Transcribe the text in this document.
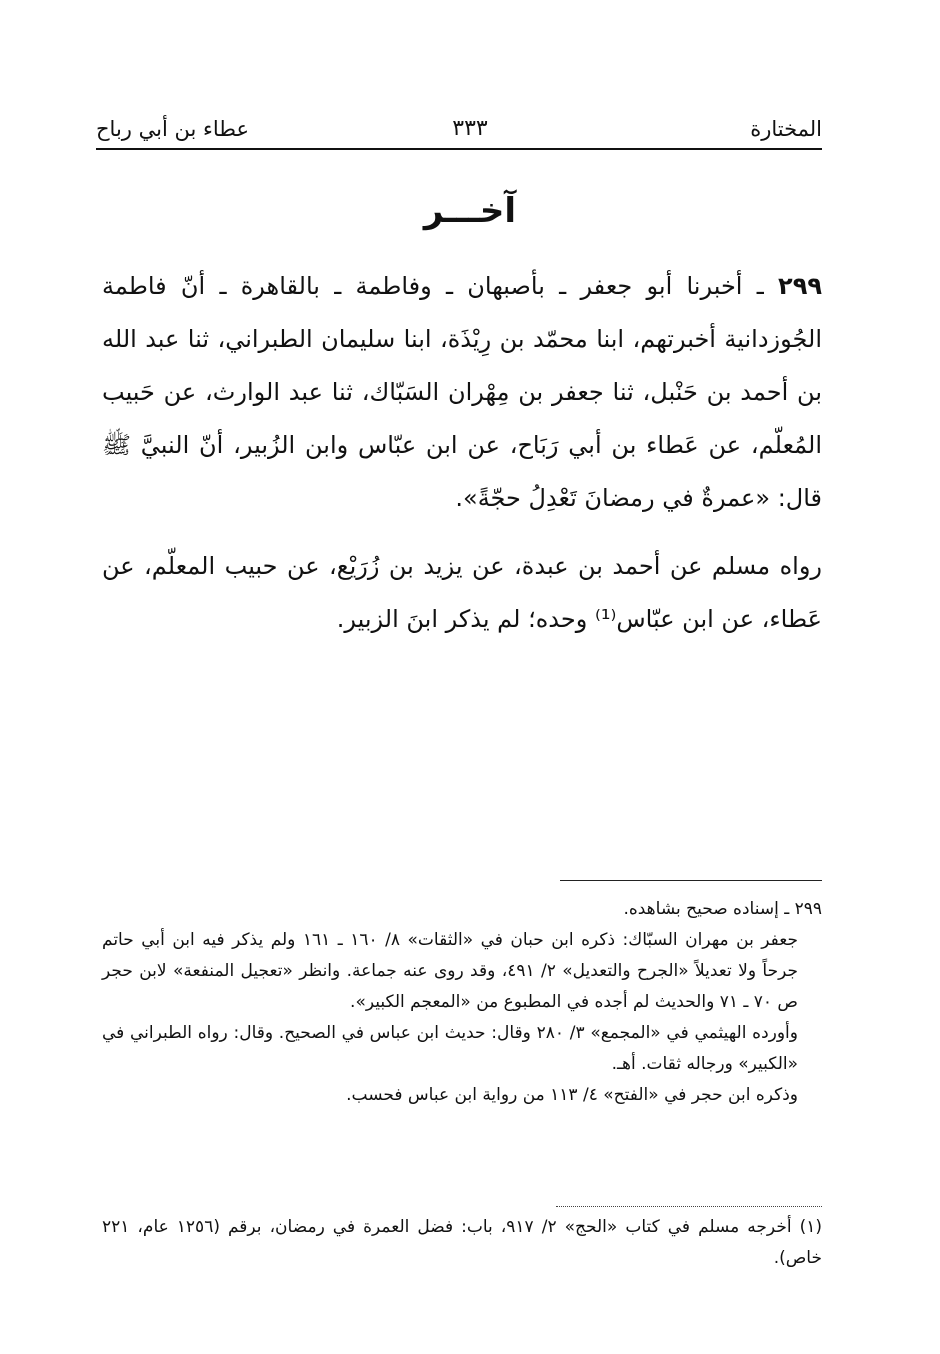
المختارة
٣٣٣
عطاء بن أبي رباح
آخـــر
٢٩٩ ـ أخبرنا أبو جعفر ـ بأصبهان ـ وفاطمة ـ بالقاهرة ـ أنّ فاطمة الجُوزدانية أخبرتهم، ابنا محمّد بن رِيْذَة، ابنا سليمان الطبراني، ثنا عبد الله بن أحمد بن حَنْبل، ثنا جعفر بن مِهْران السَبّاك، ثنا عبد الوارث، عن حَبيب المُعلّم، عن عَطاء بن أبي رَبَاح، عن ابن عبّاس وابن الزُبير، أنّ النبيَّ ﷺ قال: «عمرةٌ في رمضانَ تَعْدِلُ حجّةً».
رواه مسلم عن أحمد بن عبدة، عن يزيد بن زُرَيْع، عن حبيب المعلّم، عن عَطاء، عن ابن عبّاس⁽¹⁾ وحده؛ لم يذكر ابنَ الزبير.

٢٩٩ ـ إسناده صحيح بشاهده.

جعفر بن مهران السبّاك: ذكره ابن حبان في «الثقات» ٨/ ١٦٠ ـ ١٦١ ولم يذكر فيه ابن أبي حاتم جرحاً ولا تعديلاً «الجرح والتعديل» ٢/ ٤٩١، وقد روى عنه جماعة. وانظر «تعجيل المنفعة» لابن حجر ص ٧٠ ـ ٧١ والحديث لم أجده في المطبوع من «المعجم الكبير».

وأورده الهيثمي في «المجمع» ٣/ ٢٨٠ وقال: حديث ابن عباس في الصحيح. وقال: رواه الطبراني في «الكبير» ورجاله ثقات. أهـ.

وذكره ابن حجر في «الفتح» ٤/ ١١٣ من رواية ابن عباس فحسب.

(١) أخرجه مسلم في كتاب «الحج» ٢/ ٩١٧، باب: فضل العمرة في رمضان، برقم (١٢٥٦ عام، ٢٢١ خاص).
